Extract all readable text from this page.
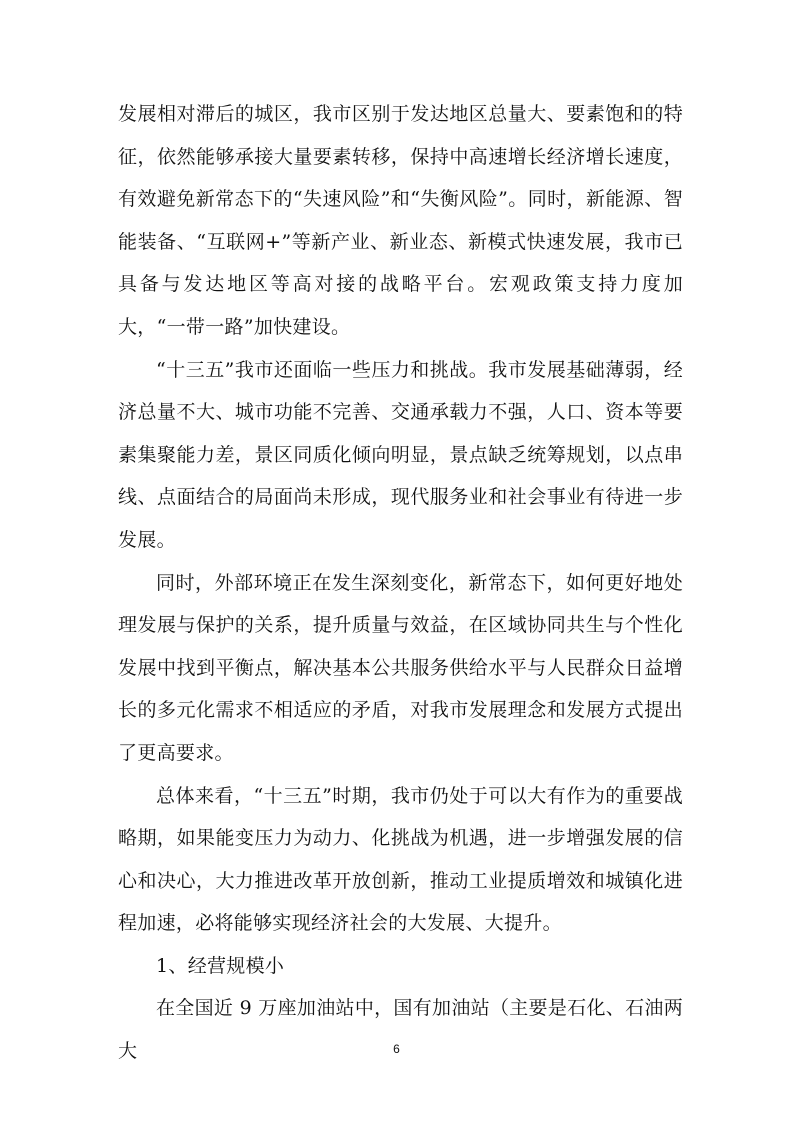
发展相对滞后的城区，我市区别于发达地区总量大、要素饱和的特征，依然能够承接大量要素转移，保持中高速增长经济增长速度，有效避免新常态下的“失速风险”和“失衡风险”。同时，新能源、智能装备、“互联网+”等新产业、新业态、新模式快速发展，我市已具备与发达地区等高对接的战略平台。宏观政策支持力度加大，“一带一路”加快建设。

“十三五”我市还面临一些压力和挑战。我市发展基础薄弱，经济总量不大、城市功能不完善、交通承载力不强，人口、资本等要素集聚能力差，景区同质化倾向明显，景点缺乏统筹规划，以点串线、点面结合的局面尚未形成，现代服务业和社会事业有待进一步发展。

同时，外部环境正在发生深刻变化，新常态下，如何更好地处理发展与保护的关系，提升质量与效益，在区域协同共生与个性化发展中找到平衡点，解决基本公共服务供给水平与人民群众日益增长的多元化需求不相适应的矛盾，对我市发展理念和发展方式提出了更高要求。

总体来看，“十三五”时期，我市仍处于可以大有作为的重要战略期，如果能变压力为动力、化挑战为机遇，进一步增强发展的信心和决心，大力推进改革开放创新，推动工业提质增效和城镇化进程加速，必将能够实现经济社会的大发展、大提升。

1、经营规模小

在全国近 9 万座加油站中，国有加油站（主要是石化、石油两大	6
